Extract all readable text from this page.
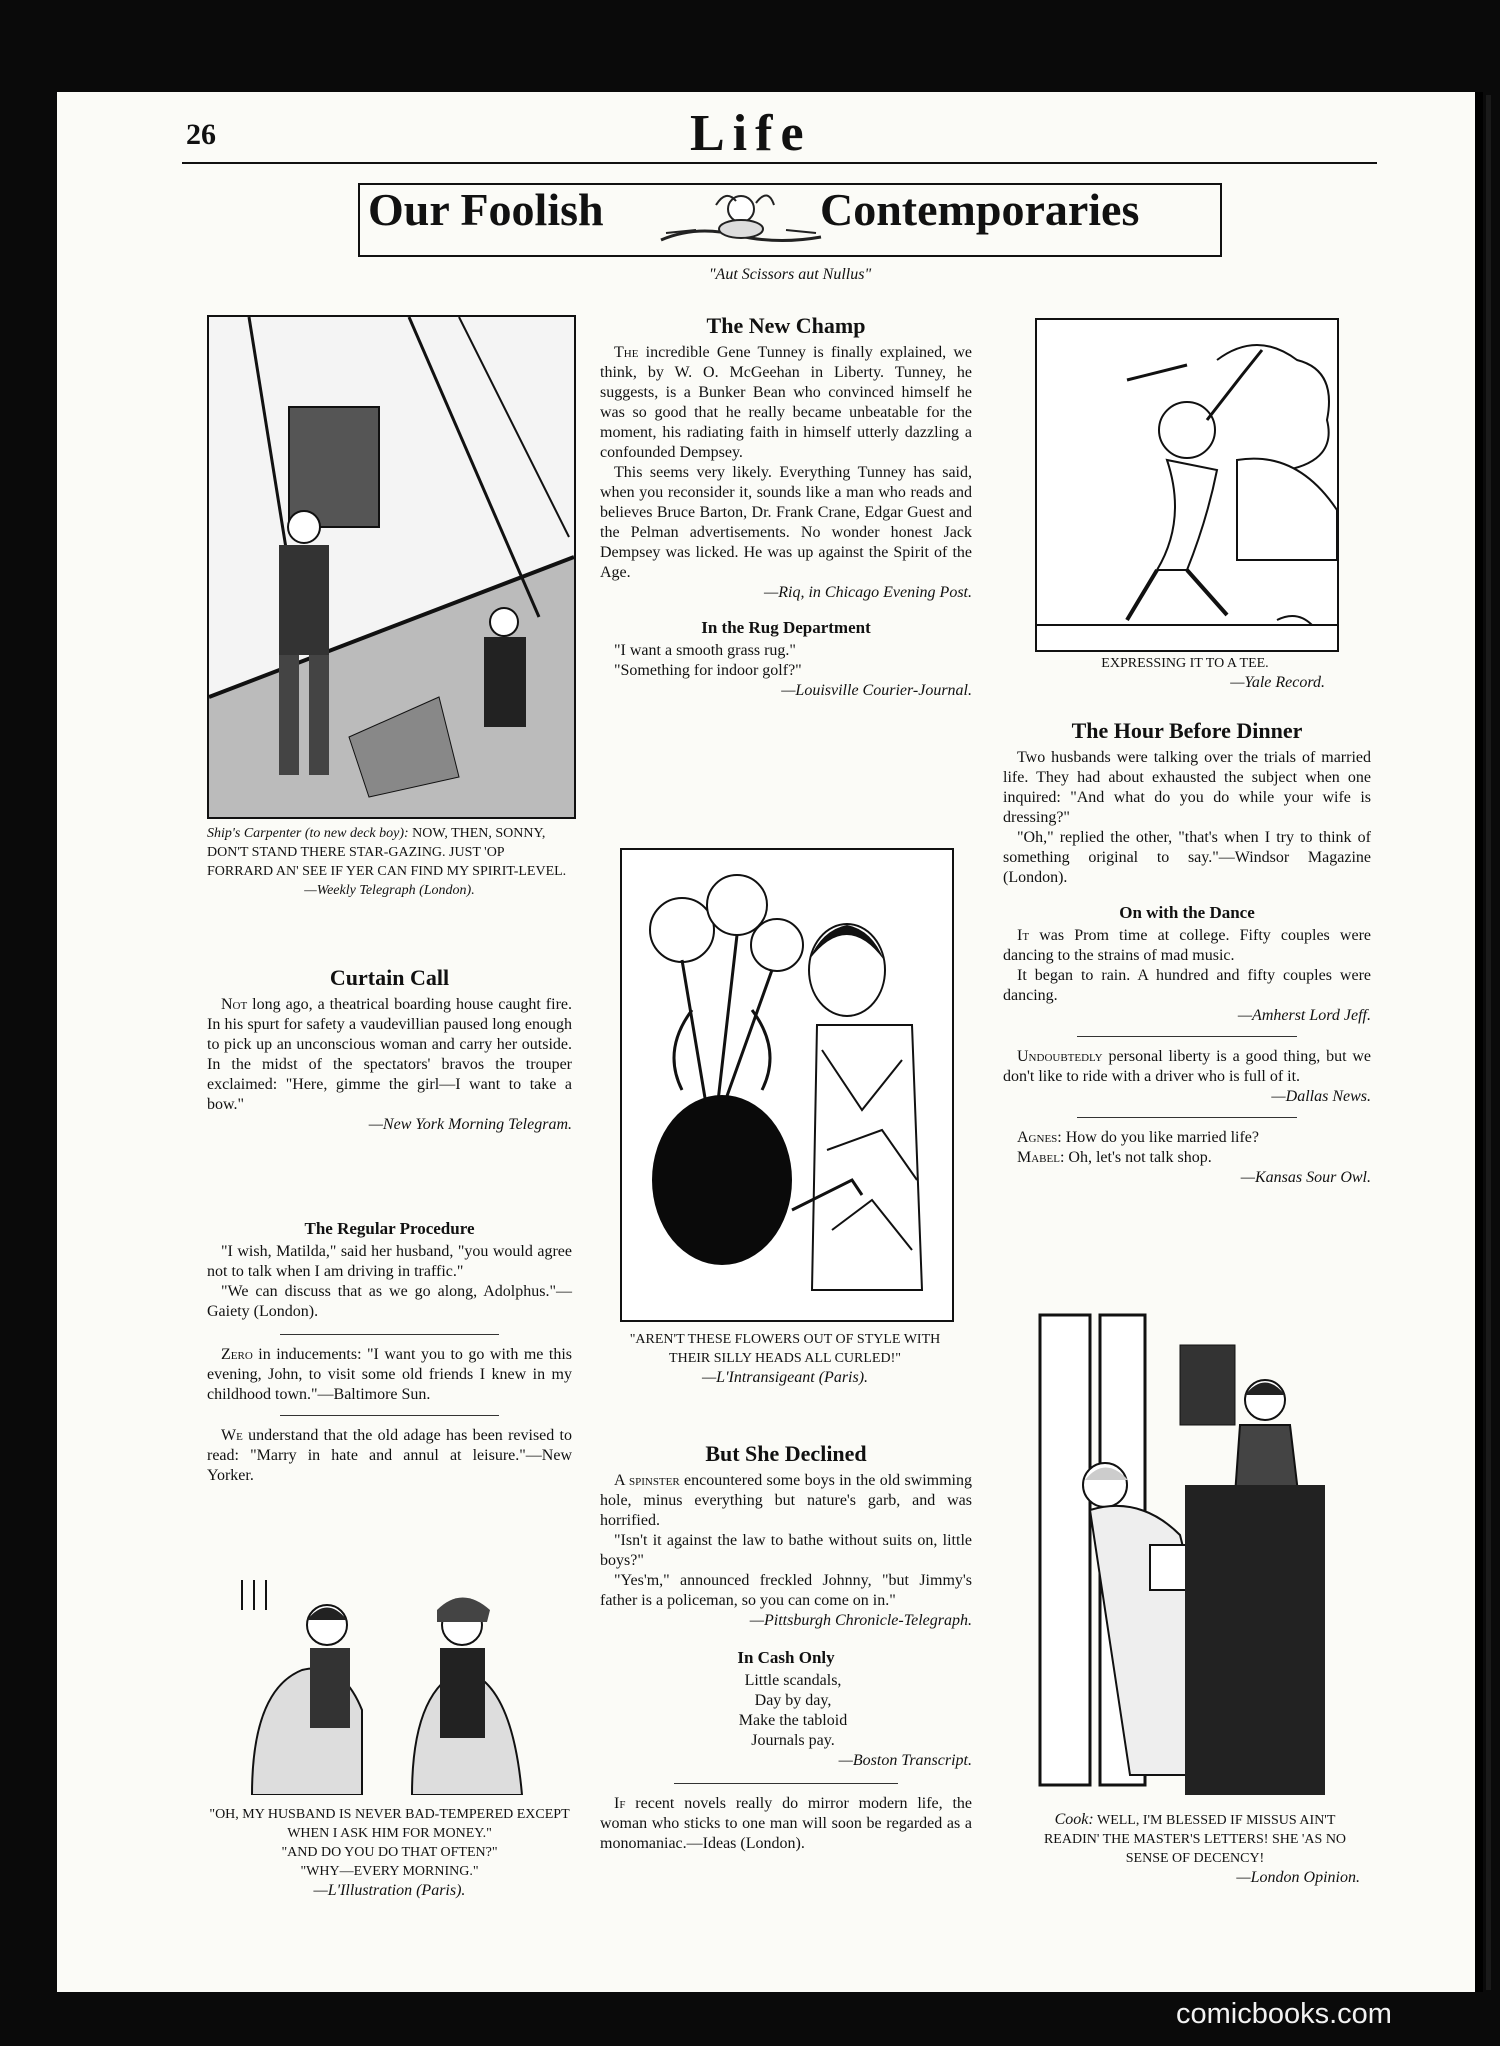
26	Life
Our Foolish	Contemporaries
"Aut Scissors aut Nullus"
Ship's Carpenter (to new deck boy): NOW, THEN, SONNY, DON'T STAND THERE STAR-GAZING. JUST 'OP FORRARD AN' SEE IF YER CAN FIND MY SPIRIT-LEVEL.
—Weekly Telegraph (London).
Curtain Call

Not long ago, a theatrical boarding house caught fire. In his spurt for safety a vaudevillian paused long enough to pick up an unconscious woman and carry her outside. In the midst of the spectators' bravos the trouper exclaimed: "Here, gimme the girl—I want to take a bow."

—New York Morning Telegram.
The Regular Procedure

"I wish, Matilda," said her husband, "you would agree not to talk when I am driving in traffic."

"We can discuss that as we go along, Adolphus."—Gaiety (London).

Zero in inducements: "I want you to go with me this evening, John, to visit some old friends I knew in my childhood town."—Baltimore Sun.

We understand that the old adage has been revised to read: "Marry in hate and annul at leisure."—New Yorker.

"OH, MY HUSBAND IS NEVER BAD-TEMPERED EXCEPT WHEN I ASK HIM FOR MONEY."
"AND DO YOU DO THAT OFTEN?"
"WHY—EVERY MORNING."
—L'Illustration (Paris).
The New Champ

The incredible Gene Tunney is finally explained, we think, by W. O. McGeehan in Liberty. Tunney, he suggests, is a Bunker Bean who convinced himself he was so good that he really became unbeatable for the moment, his radiating faith in himself utterly dazzling a confounded Dempsey.

This seems very likely. Everything Tunney has said, when you reconsider it, sounds like a man who reads and believes Bruce Barton, Dr. Frank Crane, Edgar Guest and the Pelman advertisements. No wonder honest Jack Dempsey was licked. He was up against the Spirit of the Age.

—Riq, in Chicago Evening Post.
In the Rug Department

"I want a smooth grass rug."

"Something for indoor golf?"

—Louisville Courier-Journal.
"AREN'T THESE FLOWERS OUT OF STYLE WITH THEIR SILLY HEADS ALL CURLED!"
—L'Intransigeant (Paris).
But She Declined

A spinster encountered some boys in the old swimming hole, minus everything but nature's garb, and was horrified.

"Isn't it against the law to bathe without suits on, little boys?"

"Yes'm," announced freckled Johnny, "but Jimmy's father is a policeman, so you can come on in."

—Pittsburgh Chronicle-Telegraph.
In Cash Only

Little scandals,

Day by day,

Make the tabloid

Journals pay.

—Boston Transcript.

If recent novels really do mirror modern life, the woman who sticks to one man will soon be regarded as a monomaniac.—Ideas (London).

EXPRESSING IT TO A TEE.
—Yale Record.
The Hour Before Dinner

Two husbands were talking over the trials of married life. They had about exhausted the subject when one inquired: "And what do you do while your wife is dressing?"

"Oh," replied the other, "that's when I try to think of something original to say."—Windsor Magazine (London).

On with the Dance

It was Prom time at college. Fifty couples were dancing to the strains of mad music.

It began to rain. A hundred and fifty couples were dancing.

—Amherst Lord Jeff.

Undoubtedly personal liberty is a good thing, but we don't like to ride with a driver who is full of it.

—Dallas News.

Agnes: How do you like married life?

Mabel: Oh, let's not talk shop.

—Kansas Sour Owl.
Cook: WELL, I'M BLESSED IF MISSUS AIN'T READIN' THE MASTER'S LETTERS! SHE 'AS NO SENSE OF DECENCY!
—London Opinion.
comicbooks.com
